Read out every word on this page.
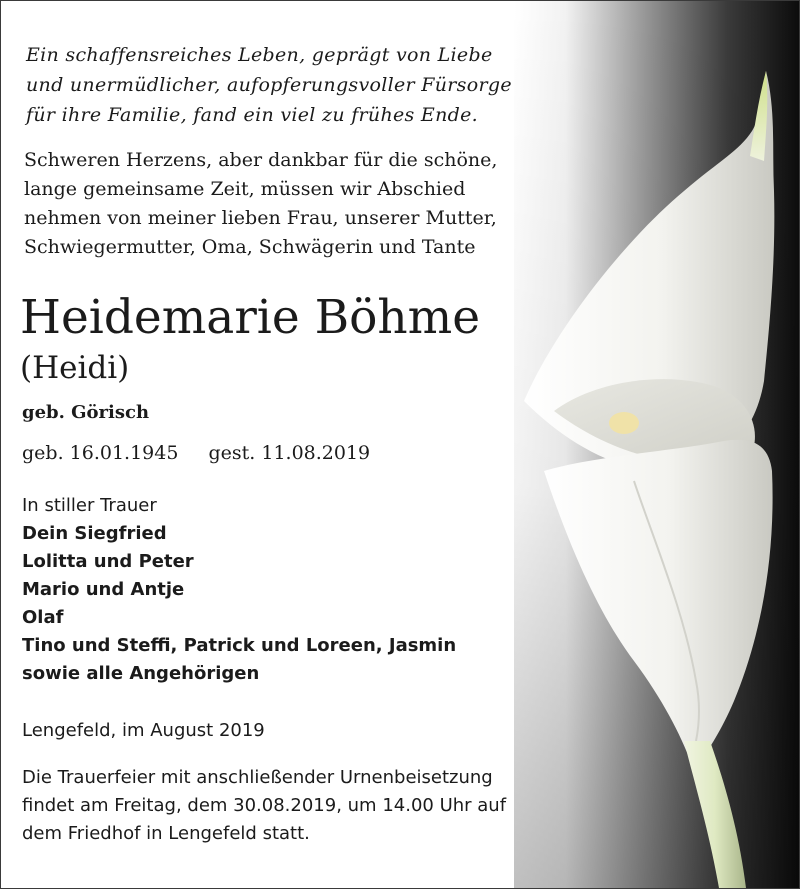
Ein schaffensreiches Leben, geprägt von Liebe
und unermüdlicher, aufopferungsvoller Fürsorge
für ihre Familie, fand ein viel zu frühes Ende.

Schweren Herzens, aber dankbar für die schöne,
lange gemeinsame Zeit, müssen wir Abschied
nehmen von meiner lieben Frau, unserer Mutter,
Schwiegermutter, Oma, Schwägerin und Tante

Heidemarie Böhme

(Heidi)

geb. Görisch

geb. 16.01.1945 gest. 11.08.2019

In stiller Trauer
Dein Siegfried
Lolitta und Peter
Mario und Antje
Olaf
Tino und Steffi, Patrick und Loreen, Jasmin
sowie alle Angehörigen

Lengefeld, im August 2019

Die Trauerfeier mit anschließender Urnenbeisetzung
findet am Freitag, dem 30.08.2019, um 14.00 Uhr auf
dem Friedhof in Lengefeld statt.
